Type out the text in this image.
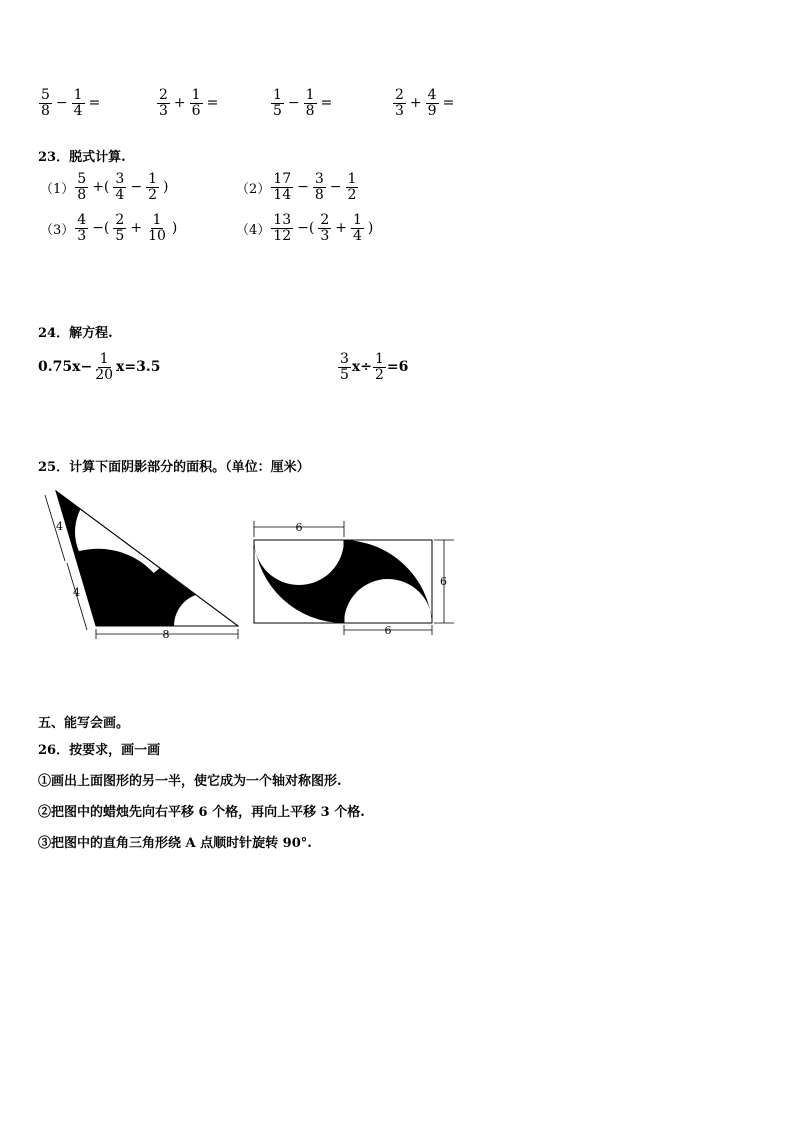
$\frac{5}{8} - \frac{1}{4}$ =	$\frac{2}{3} + \frac{1}{6}$ =	$\frac{1}{5} - \frac{1}{8}$ =	$\frac{2}{3} + \frac{4}{9}$ =
23．脱式计算.
$(1) \frac{5}{8}$ +( $\frac{3}{4} - \frac{1}{2}$ )	$(2) \frac{17}{14} - \frac{3}{8} - \frac{1}{2}$
$(3) \frac{4}{3}$ −( $\frac{2}{5} + \frac{1}{10}$ )	$(4) \frac{13}{12}$ −( $\frac{2}{3} + \frac{1}{4}$ )
24．解方程.
$0.75x- \frac{1}{20} x=3.5$	$\frac{3}{5} x\div \frac{1}{2} =6$
25．计算下面阴影部分的面积。（单位：厘米）
4
4
8
6
6
6
五、能写会画。
26．按要求，画一画
①画出上面图形的另一半，使它成为一个轴对称图形.
②把图中的蜡烛先向右平移 6 个格，再向上平移 3 个格.
③把图中的直角三角形绕 A 点顺时针旋转 90°.
